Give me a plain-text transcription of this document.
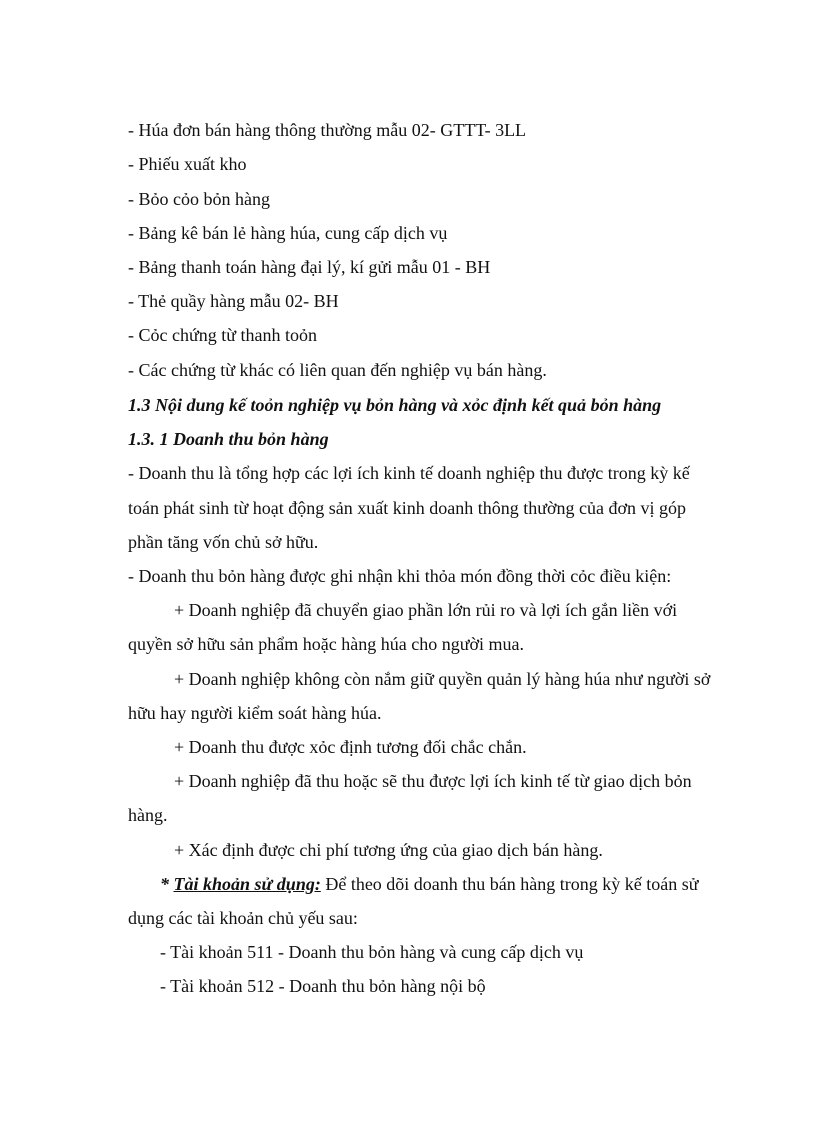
- Húa đơn bán hàng thông thường mẫu 02- GTTT- 3LL
- Phiếu xuất kho
- Bỏo cỏo bỏn hàng
- Bảng kê bán lẻ hàng húa, cung cấp dịch vụ
- Bảng thanh toán hàng đại lý, kí gửi mẫu 01 - BH
- Thẻ quầy hàng mẫu 02- BH
- Cỏc chứng từ thanh toỏn
- Các chứng từ khác có liên quan đến nghiệp vụ bán hàng.
1.3 Nội dung kế toỏn nghiệp vụ bỏn hàng và xỏc định kết quả bỏn hàng
1.3. 1 Doanh thu bỏn hàng
- Doanh thu là tổng hợp các lợi ích kinh tế doanh nghiệp thu được trong kỳ kế
toán phát sinh từ hoạt động sản xuất kinh doanh thông thường của đơn vị góp
phần tăng vốn chủ sở hữu.
- Doanh thu bỏn hàng được ghi nhận khi thỏa món đồng thời cỏc điều kiện:
+ Doanh nghiệp đã chuyển giao phần lớn rủi ro và lợi ích gắn liền với
quyền sở hữu sản phẩm hoặc hàng húa cho người mua.
+ Doanh nghiệp không còn nắm giữ quyền quản lý hàng húa như người sở
hữu hay người kiểm soát hàng húa.
+ Doanh thu được xỏc định tương đối chắc chắn.
+ Doanh nghiệp đã thu hoặc sẽ thu được lợi ích kinh tế từ giao dịch bỏn
hàng.
+ Xác định được chi phí tương ứng của giao dịch bán hàng.
* Tài khoản sử dụng: Để theo dõi doanh thu bán hàng trong kỳ kế toán sử
dụng các tài khoản chủ yếu sau:
- Tài khoản 511 - Doanh thu bỏn hàng và cung cấp dịch vụ
- Tài khoản 512 - Doanh thu bỏn hàng nội bộ
